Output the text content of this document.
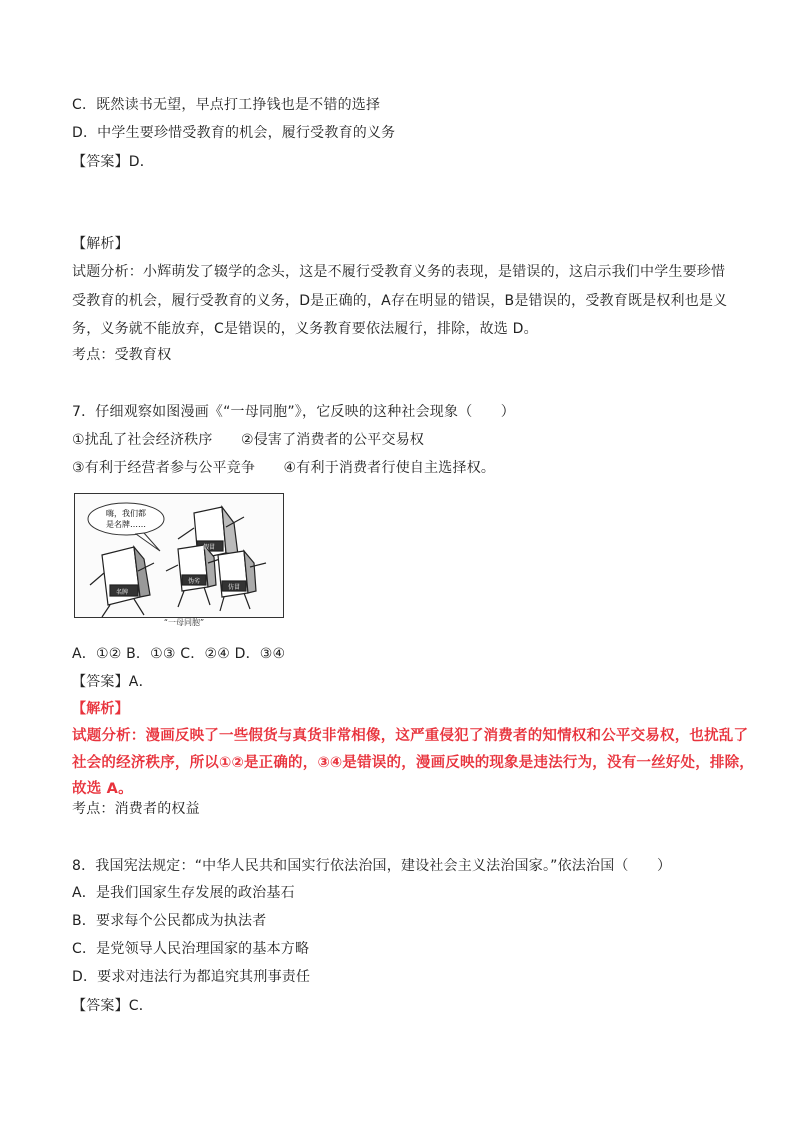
C．既然读书无望，早点打工挣钱也是不错的选择
D．中学生要珍惜受教育的机会，履行受教育的义务
【答案】D．
【解析】
试题分析：小辉萌发了辍学的念头，这是不履行受教育义务的表现，是错误的，这启示我们中学生要珍惜
受教育的机会，履行受教育的义务，D是正确的，A存在明显的错误，B是错误的，受教育既是权利也是义
务，义务就不能放弃，C是错误的，义务教育要依法履行，排除，故选 D。
考点：受教育权
7．仔细观察如图漫画《“一母同胞”》，它反映的这种社会现象（　　）
①扰乱了社会经济秩序　　②侵害了消费者的公平交易权
③有利于经营者参与公平竞争　　④有利于消费者行使自主选择权。
嗨，我们都
是名牌……
“一母同胞”
名牌
假冒
伪劣
仿冒
A．①② B．①③ C．②④ D．③④
【答案】A．
【解析】
试题分析：漫画反映了一些假货与真货非常相像，这严重侵犯了消费者的知情权和公平交易权，也扰乱了
社会的经济秩序，所以①②是正确的，③④是错误的，漫画反映的现象是违法行为，没有一丝好处，排除，
故选 A。
考点：消费者的权益
8．我国宪法规定：“中华人民共和国实行依法治国，建设社会主义法治国家。”依法治国（　　）
A．是我们国家生存发展的政治基石
B．要求每个公民都成为执法者
C．是党领导人民治理国家的基本方略
D．要求对违法行为都追究其刑事责任
【答案】C．
